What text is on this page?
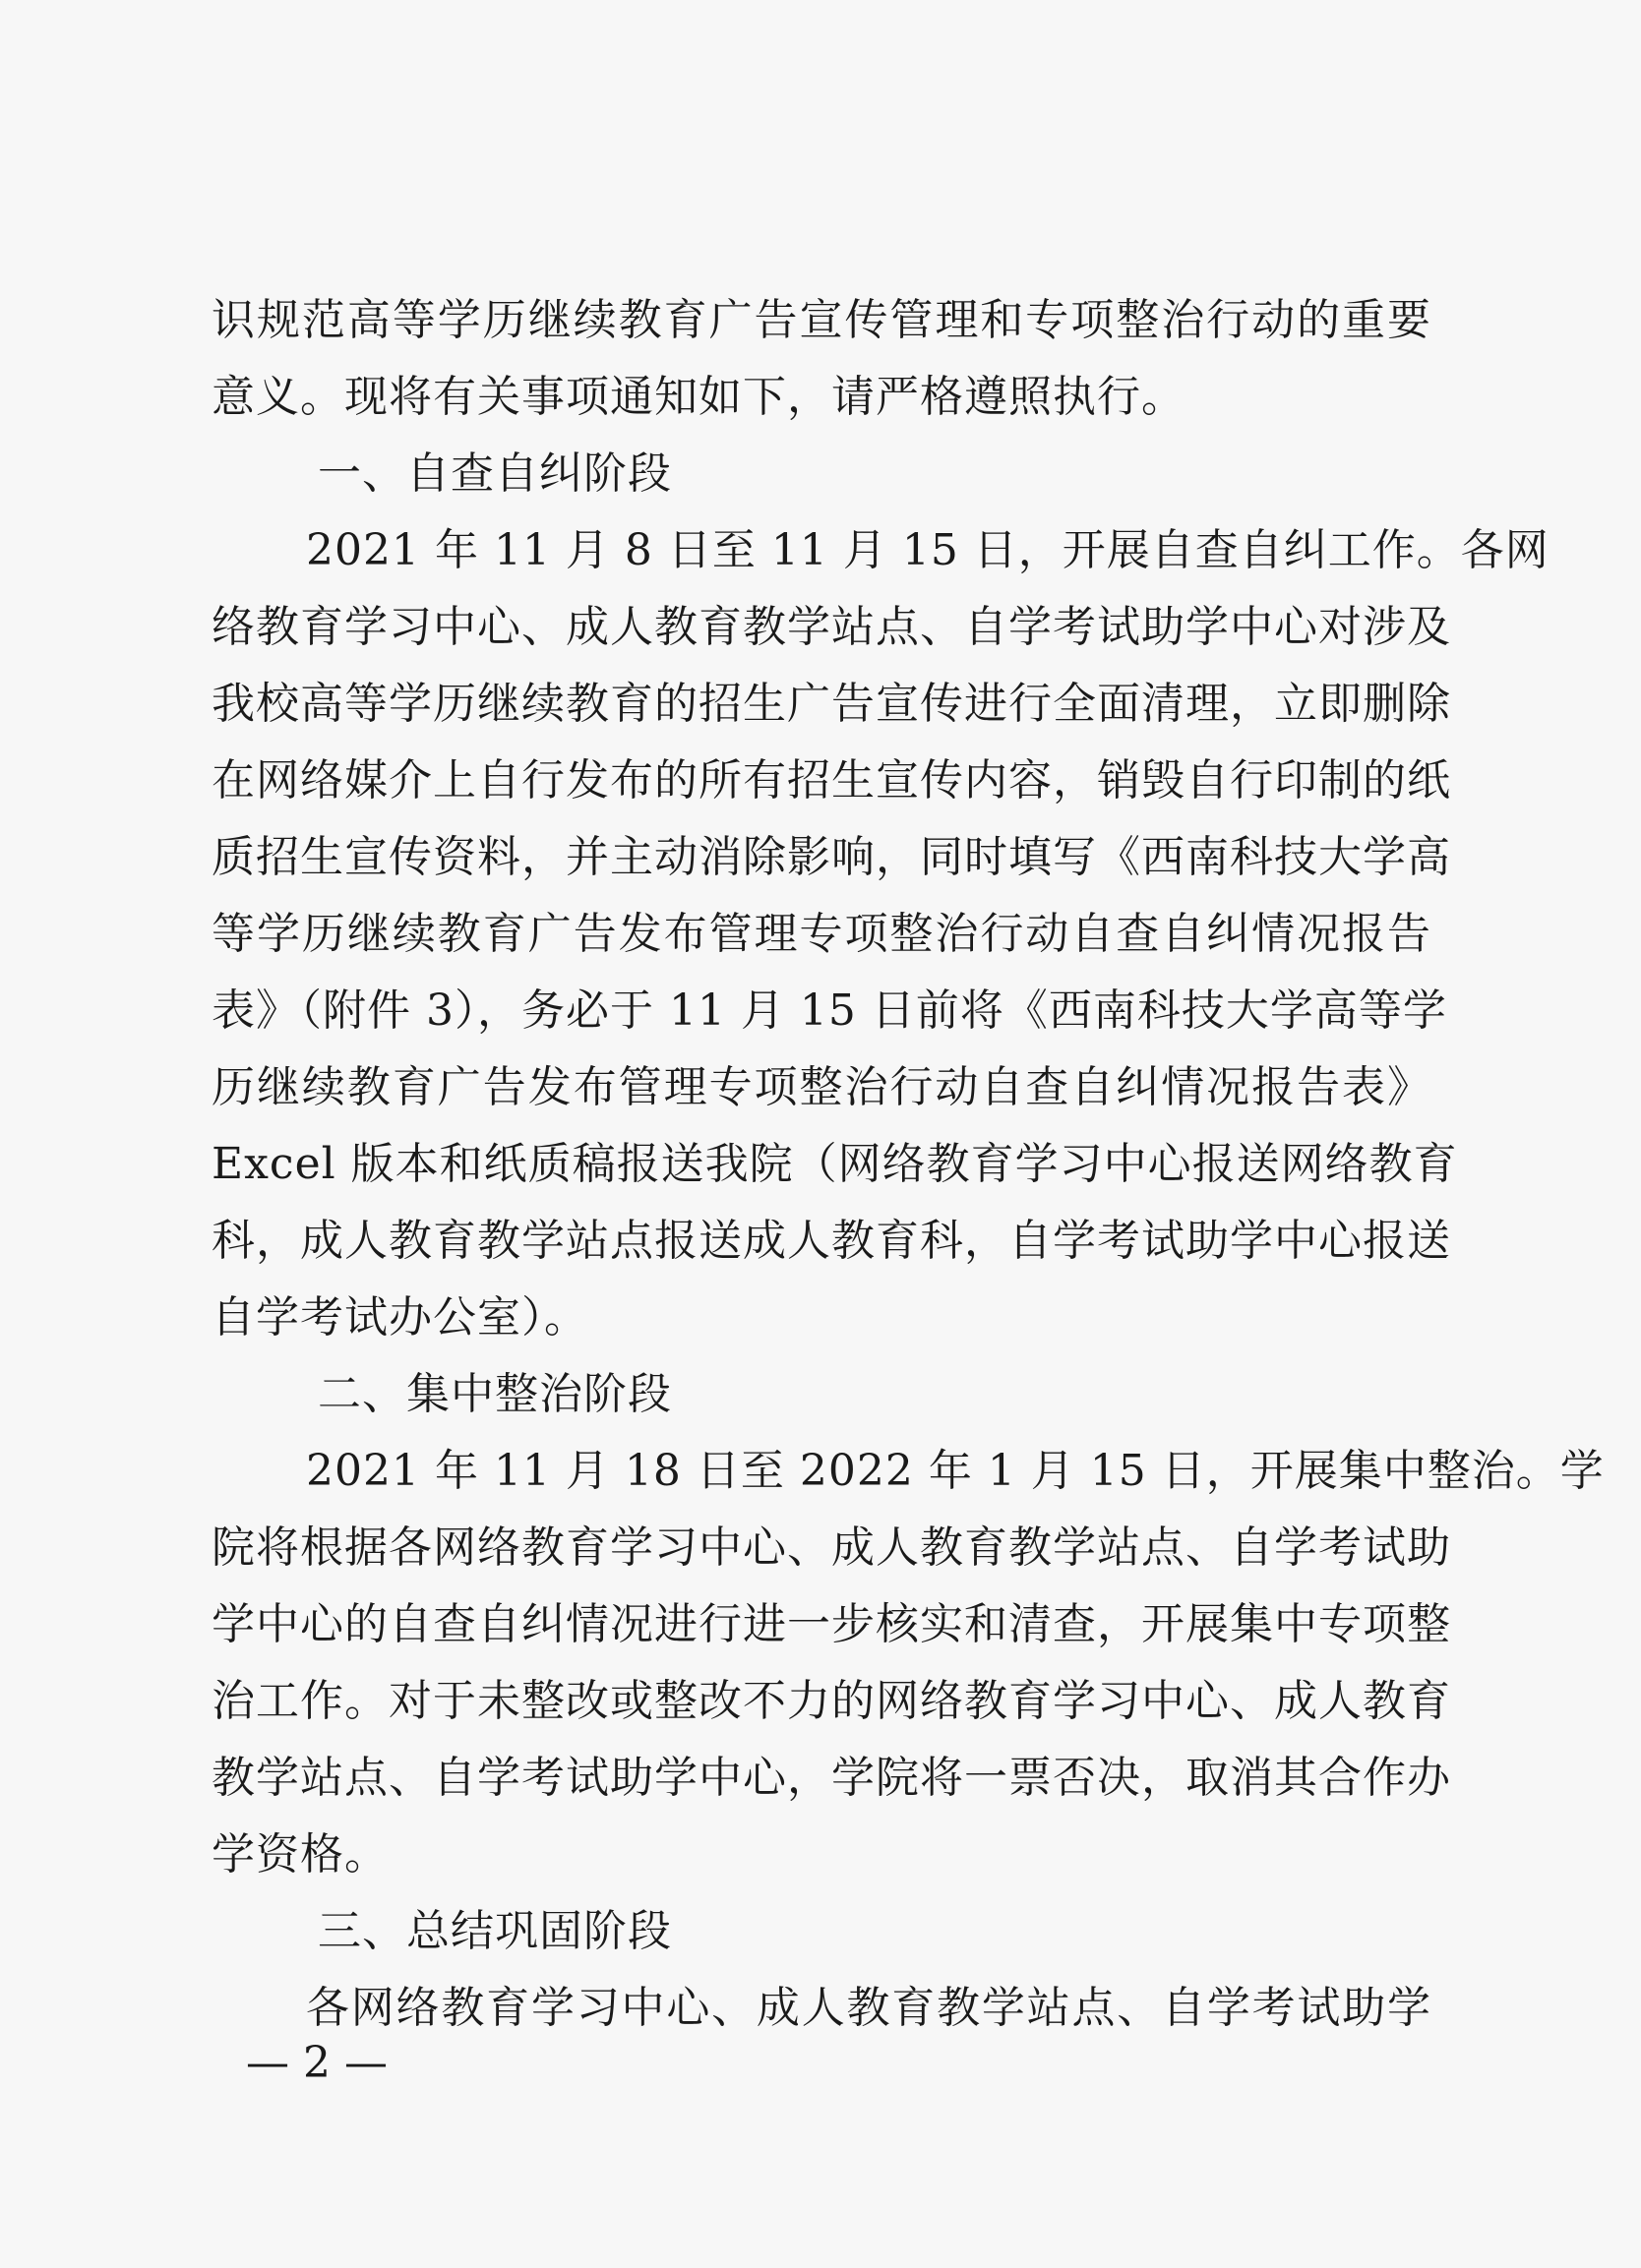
识规范高等学历继续教育广告宣传管理和专项整治行动的重要
意义。现将有关事项通知如下，请严格遵照执行。
一、自查自纠阶段
2021 年 11 月 8 日至 11 月 15 日，开展自查自纠工作。各网
络教育学习中心、成人教育教学站点、自学考试助学中心对涉及
我校高等学历继续教育的招生广告宣传进行全面清理，立即删除
在网络媒介上自行发布的所有招生宣传内容，销毁自行印制的纸
质招生宣传资料，并主动消除影响，同时填写《西南科技大学高
等学历继续教育广告发布管理专项整治行动自查自纠情况报告
表》（附件 3），务必于 11 月 15 日前将《西南科技大学高等学
历继续教育广告发布管理专项整治行动自查自纠情况报告表》
Excel 版本和纸质稿报送我院（网络教育学习中心报送网络教育
科，成人教育教学站点报送成人教育科，自学考试助学中心报送
自学考试办公室）。
二、集中整治阶段
2021 年 11 月 18 日至 2022 年 1 月 15 日，开展集中整治。学
院将根据各网络教育学习中心、成人教育教学站点、自学考试助
学中心的自查自纠情况进行进一步核实和清查，开展集中专项整
治工作。对于未整改或整改不力的网络教育学习中心、成人教育
教学站点、自学考试助学中心，学院将一票否决，取消其合作办
学资格。
三、总结巩固阶段
各网络教育学习中心、成人教育教学站点、自学考试助学
— 2 —
